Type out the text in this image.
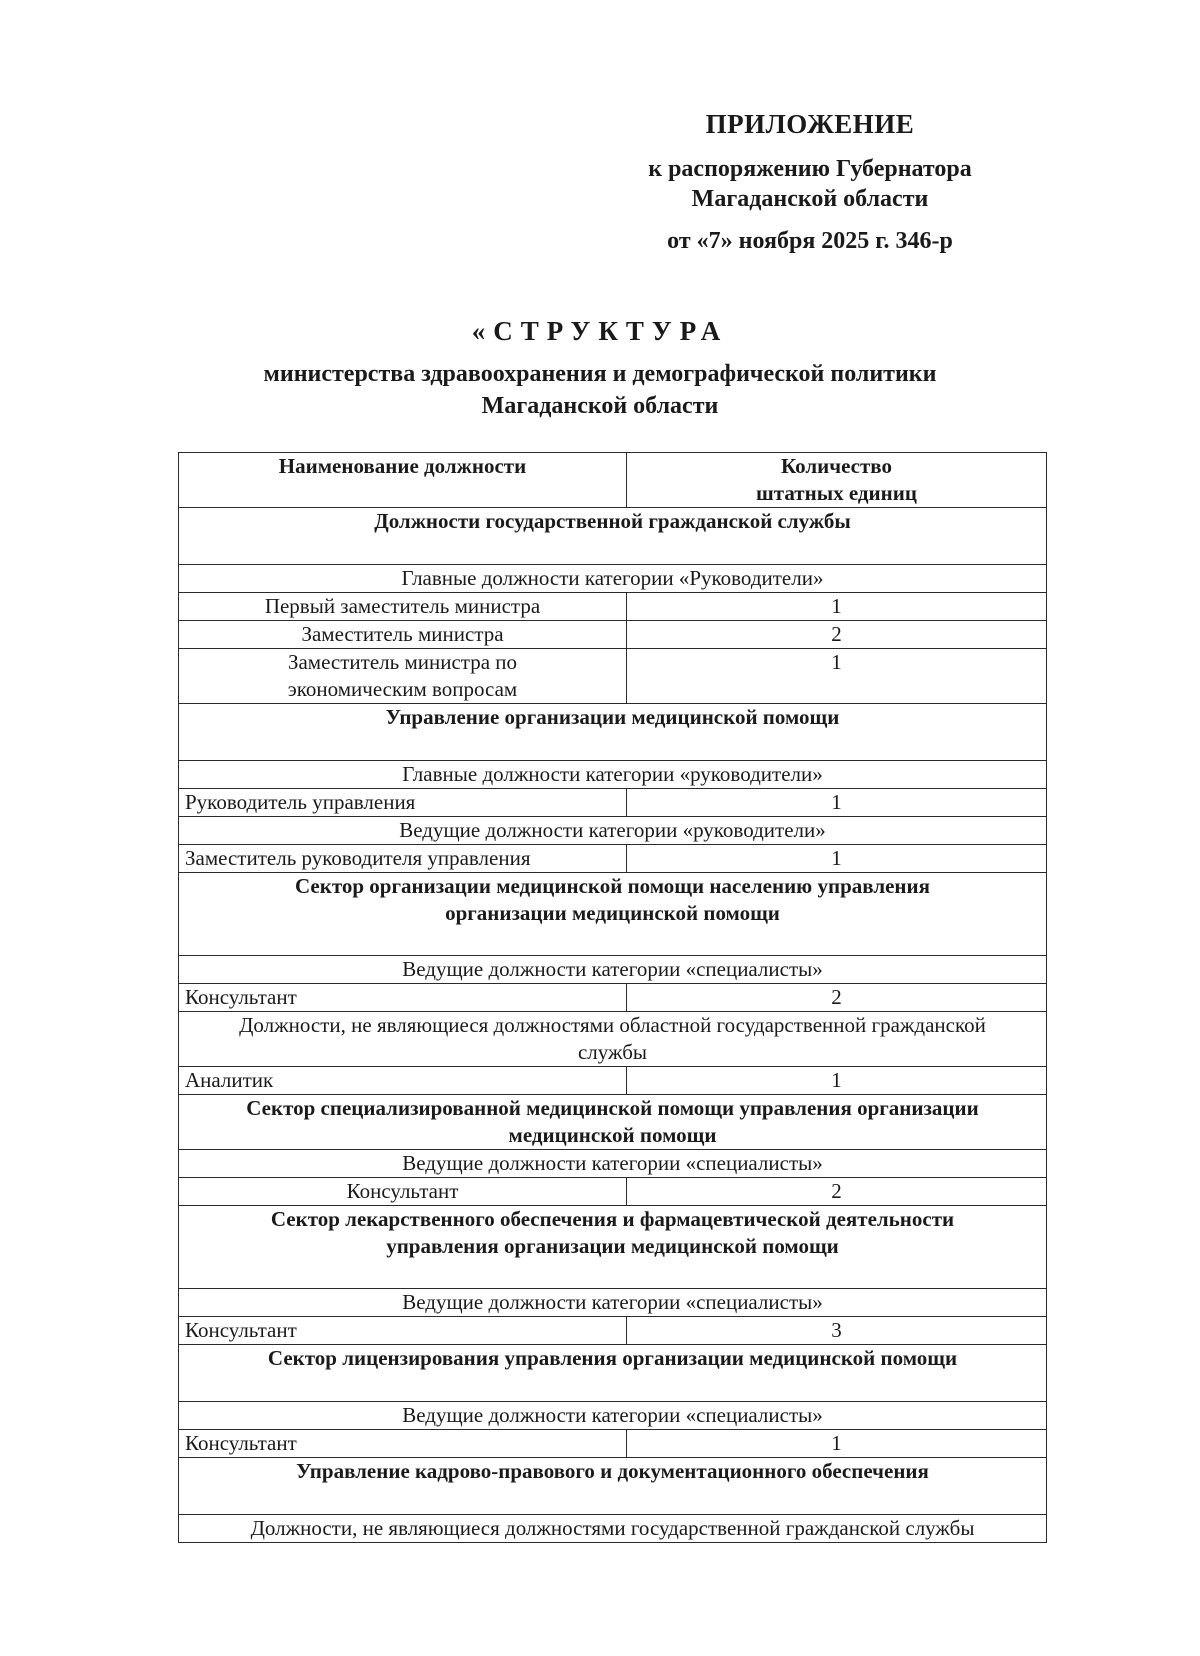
ПРИЛОЖЕНИЕ
к распоряжению Губернатора
Магаданской области
от «7» ноября 2025 г. 346-р
«СТРУКТУРА
министерства здравоохранения и демографической политики
Магаданской области
Наименование должности	Количество
штатных единиц

Должности государственной гражданской службы	
Главные должности категории «Руководители»	
Первый заместитель министра	1
Заместитель министра	2
Заместитель министра по
экономическим вопросам	1
Управление организации медицинской помощи	
Главные должности категории «руководители»	
Руководитель управления	1
Ведущие должности категории «руководители»	
Заместитель руководителя управления	1
Сектор организации медицинской помощи населению управления
организации медицинской помощи	
Ведущие должности категории «специалисты»	
Консультант	2
Должности, не являющиеся должностями областной государственной гражданской
службы	
Аналитик	1
Сектор специализированной медицинской помощи управления организации
медицинской помощи	
Ведущие должности категории «специалисты»	
Консультант	2
Сектор лекарственного обеспечения и фармацевтической деятельности
управления организации медицинской помощи	
Ведущие должности категории «специалисты»	
Консультант	3
Сектор лицензирования управления организации медицинской помощи	
Ведущие должности категории «специалисты»	
Консультант	1
Управление кадрово-правового и документационного обеспечения	
Должности, не являющиеся должностями государственной гражданской службы	
